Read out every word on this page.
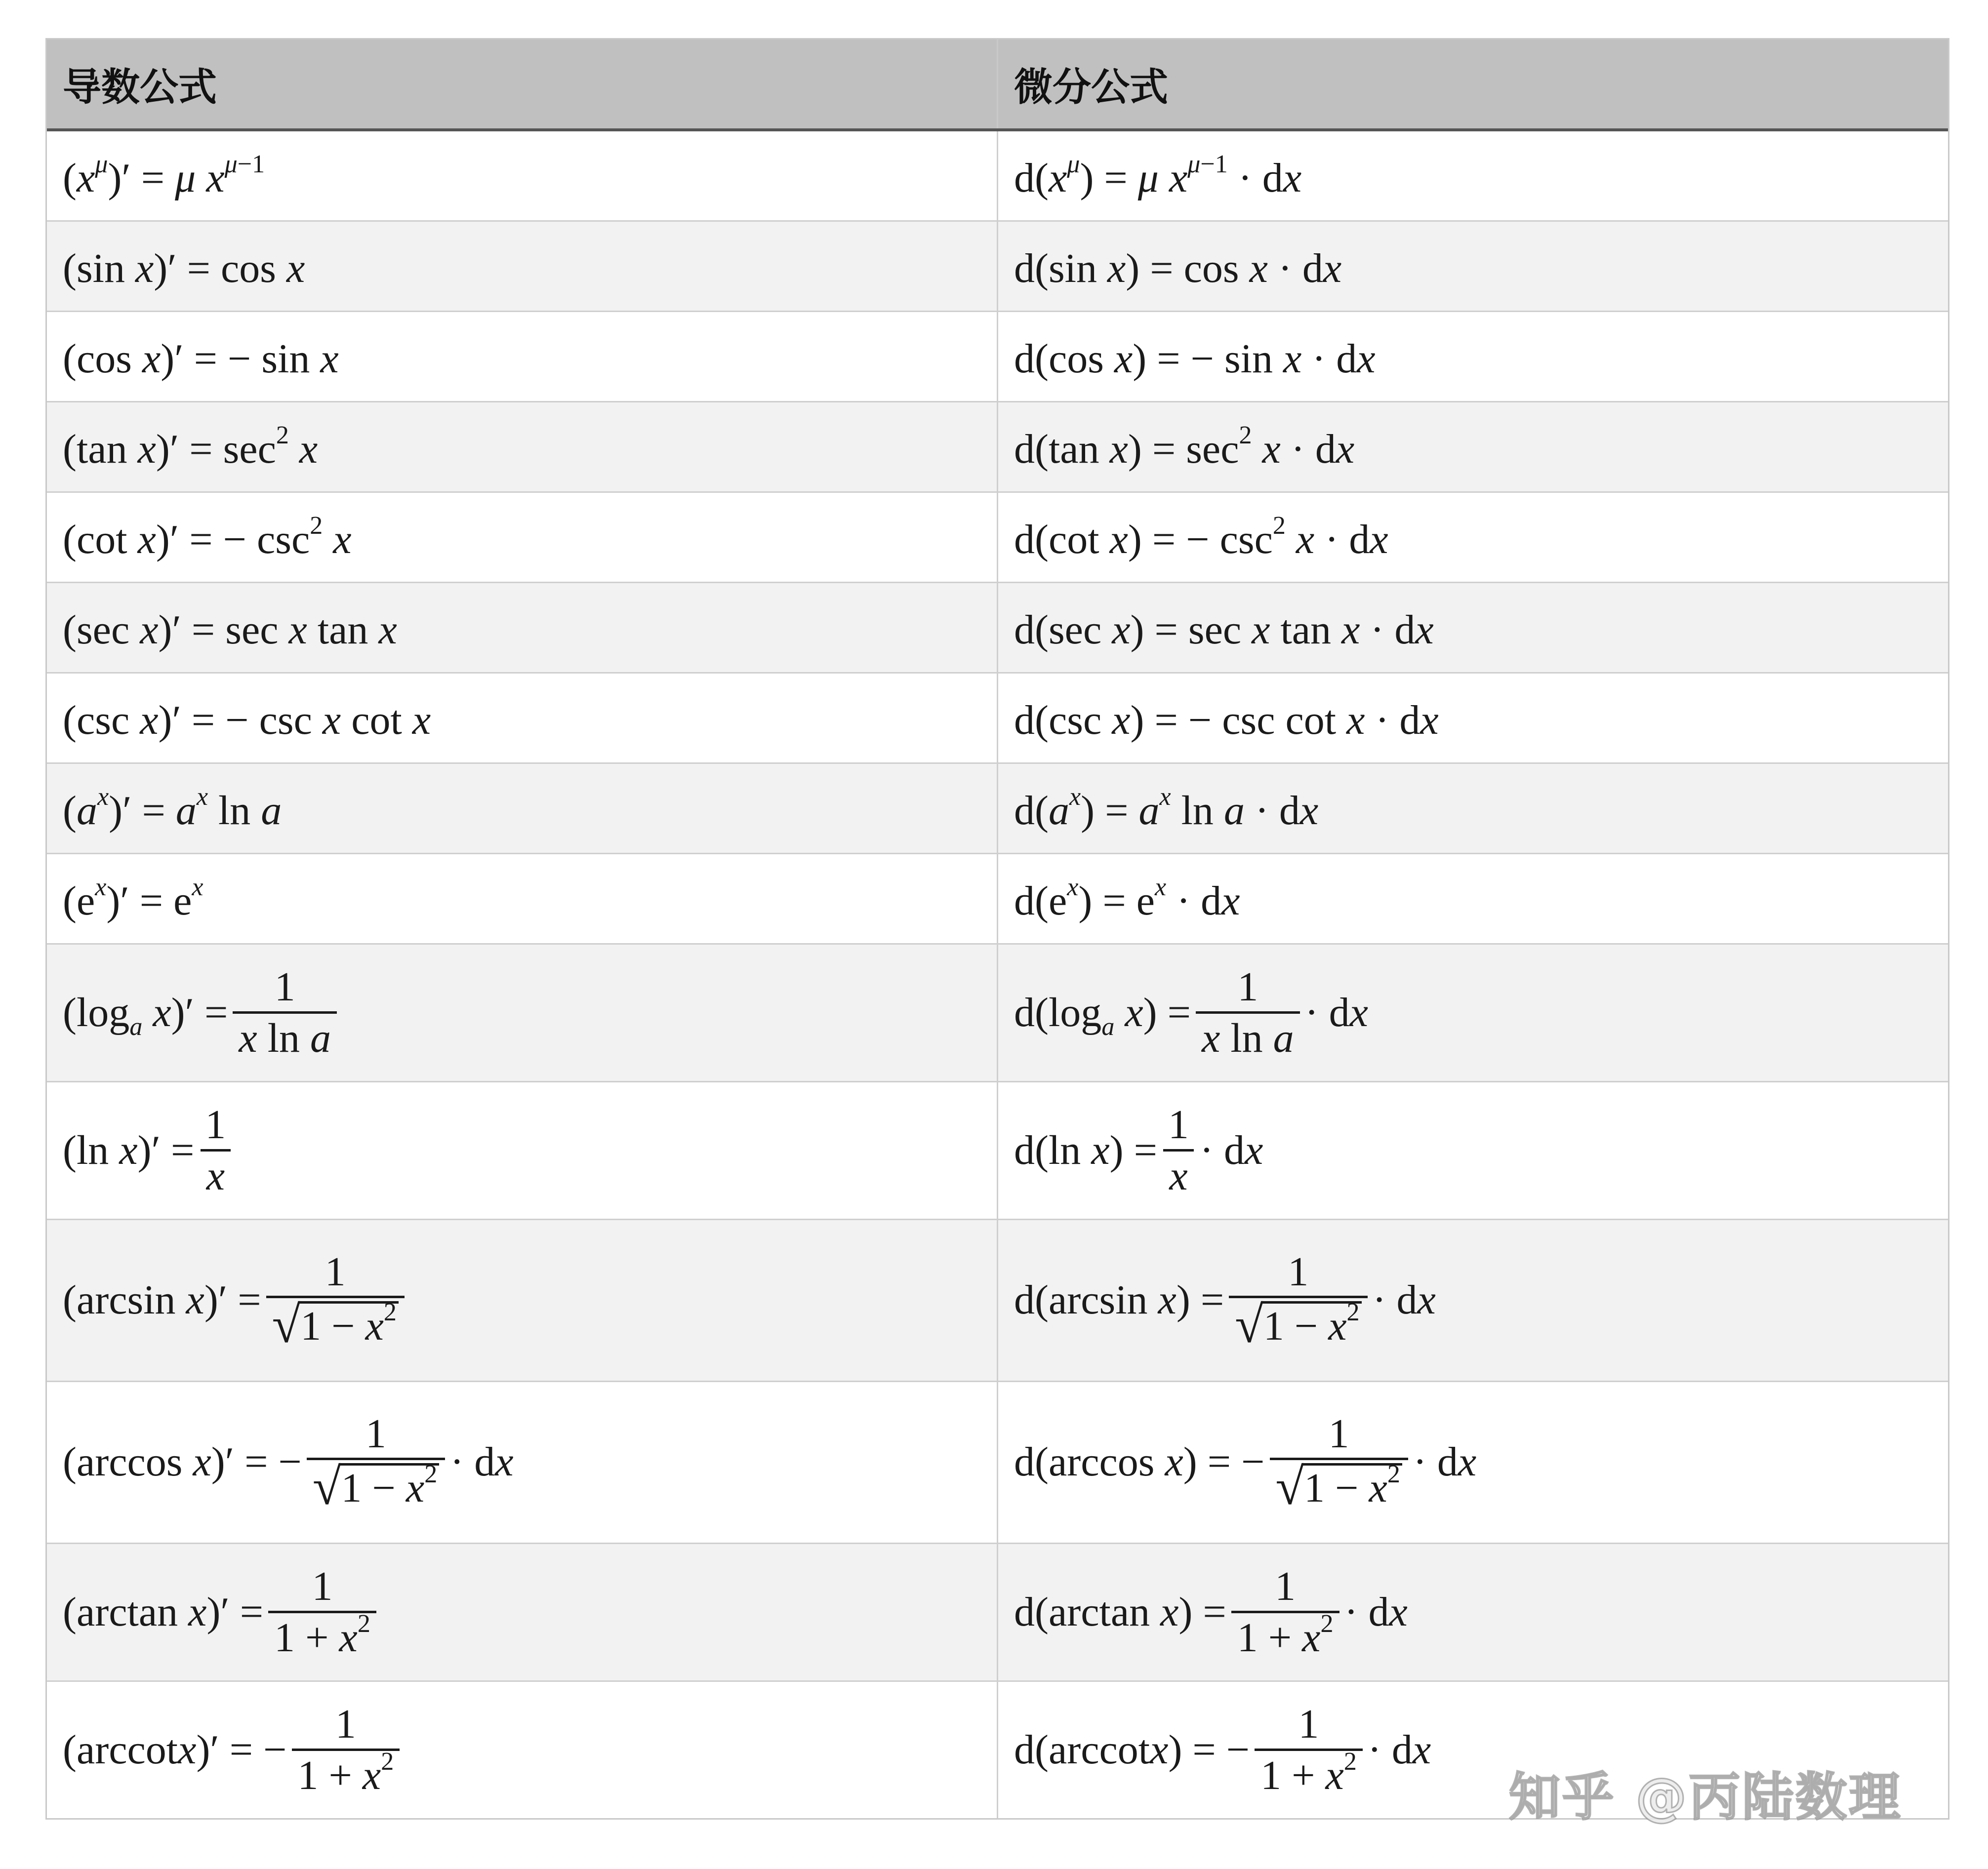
导数公式	微分公式
$(x^\mu)' = \mu$ $x^{\mu-1}$	$d(x^\mu) = \mu$ $x^{\mu-1}$ · dx
(sin x)′ = cos x	d(sin x) = cos x · dx
(cos x)′ = − sin x	d(cos x) = − sin x · dx
(tan $x)' = \sec^2 x$	d(tan $x) = \sec^2 x$ · dx
(cot x)′ = − $\csc^2 x$	d(cot x) = − $\csc^2 x$ · dx
(sec x)′ = sec x tan x	d(sec x) = sec x tan x · dx
(csc x)′ = − csc x cot x	d(csc x) = − csc cot x · dx
$(a^x)' = a^x$ ln a	$d(a^x) = a^x$ ln a · dx
$(e^x)' = e^x$	$d(e^x) = e^x$ · dx
($\log_a$ $x)' = \frac{1}{\text{x ln a}}$	$d(\log_a$ $x) = \frac{1}{\text{x ln a}}$ · dx
(ln $x)' = \frac{1}{x}$	d(ln $x) = \frac{1}{x}$ · dx
(arcsin $x)' = \frac{1}{√ 1 - x^2}$	d(arcsin $x) = \frac{1}{√ 1 - x^2}$ · dx
(arccos x)′ = − $\frac{1}{√ 1 - x^2}$ · dx	d(arccos x) = − $\frac{1}{√ 1 - x^2}$ · dx
(arctan $x)' = \frac{1}{1 + x^2}$	d(arctan $x) = \frac{1}{1 + x^2}$ · dx
(arccotx)′ = − $\frac{1}{1 + x^2}$	d(arccotx) = − $\frac{1}{1 + x^2}$ · dx
知乎 @丙陆数理
